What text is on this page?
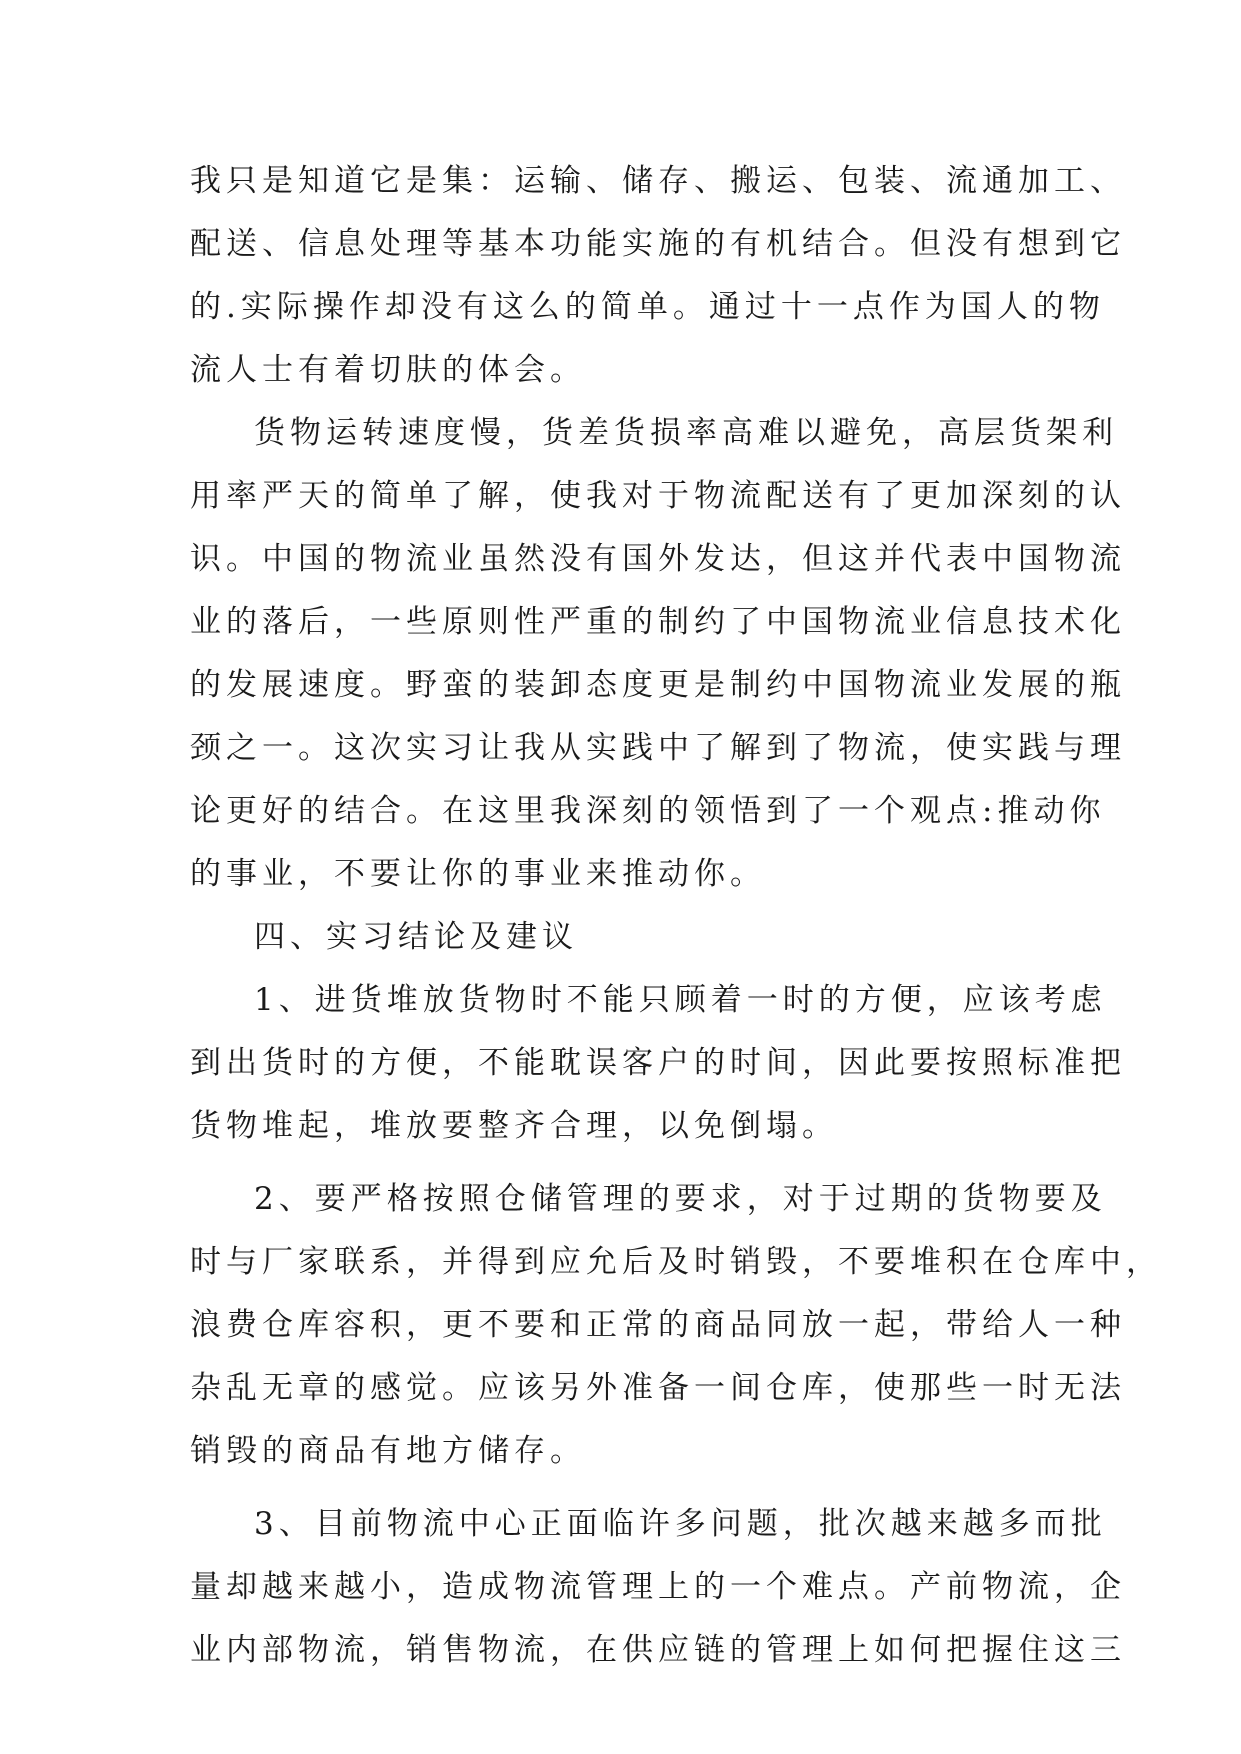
我只是知道它是集：运输、储存、搬运、包装、流通加工、
配送、信息处理等基本功能实施的有机结合。但没有想到它
的.实际操作却没有这么的简单。通过十一点作为国人的物
流人士有着切肤的体会。
货物运转速度慢，货差货损率高难以避免，高层货架利
用率严天的简单了解，使我对于物流配送有了更加深刻的认
识。中国的物流业虽然没有国外发达，但这并代表中国物流
业的落后，一些原则性严重的制约了中国物流业信息技术化
的发展速度。野蛮的装卸态度更是制约中国物流业发展的瓶
颈之一。这次实习让我从实践中了解到了物流，使实践与理
论更好的结合。在这里我深刻的领悟到了一个观点:推动你
的事业，不要让你的事业来推动你。
四、实习结论及建议
1、进货堆放货物时不能只顾着一时的方便，应该考虑
到出货时的方便，不能耽误客户的时间，因此要按照标准把
货物堆起，堆放要整齐合理，以免倒塌。
2、要严格按照仓储管理的要求，对于过期的货物要及
时与厂家联系，并得到应允后及时销毁，不要堆积在仓库中，
浪费仓库容积，更不要和正常的商品同放一起，带给人一种
杂乱无章的感觉。应该另外准备一间仓库，使那些一时无法
销毁的商品有地方储存。
3、目前物流中心正面临许多问题，批次越来越多而批
量却越来越小，造成物流管理上的一个难点。产前物流，企
业内部物流，销售物流，在供应链的管理上如何把握住这三
